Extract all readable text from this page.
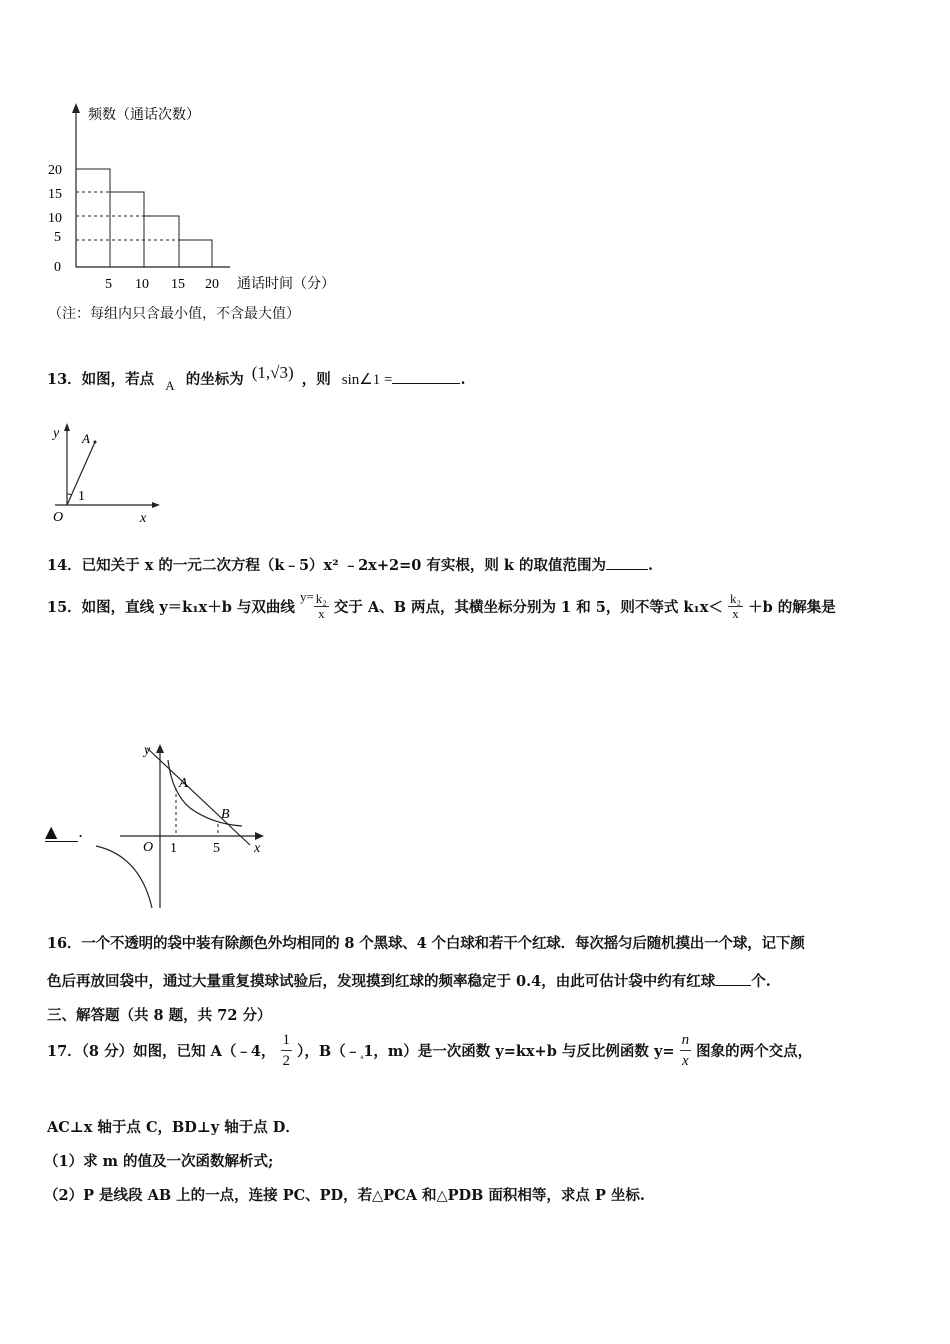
频数（通话次数）
20
15
10
5
0
5 10 15 20 通话时间（分）
（注：每组内只含最小值，不含最大值）
13．如图，若点 A 的坐标为 (1,√3) ，则 sin∠1 =	.
y A
1
O	x
14．已知关于 x 的一元二次方程（k﹣5）x² ﹣2x+2=0 有实根，则 k 的取值范围为	.
15．如图，直线 y＝k₁x＋b 与双曲线 $y= \frac{\text{k₂}}{x}$ 交于 A、B 两点，其横坐标分别为 1 和 5，则不等式 $k_1x< \frac{\text{k₂}}{x} +b$ 的解集是
y
A
B
O 1	5 x
▲ .
16．一个不透明的袋中装有除颜色外均相同的 8 个黑球、4 个白球和若干个红球．每次摇匀后随机摸出一个球，记下颜
色后再放回袋中，通过大量重复摸球试验后，发现摸到红球的频率稳定于 0.4，由此可估计袋中约有红球 个.
三、解答题（共 8 题，共 72 分）
17．（8 分）如图，已知 A（﹣4， $\frac{1}{2}$ ），$B(﹣_{_4}1$，m）是一次函数 y=kx+b 与反比例函数 $y= \frac{n}{x}$ 图象的两个交点，
AC⊥x 轴于点 C，BD⊥y 轴于点 D．
（1）求 m 的值及一次函数解析式;
（2）P 是线段 AB 上的一点，连接 PC、PD，若△PCA 和△PDB 面积相等，求点 P 坐标.
